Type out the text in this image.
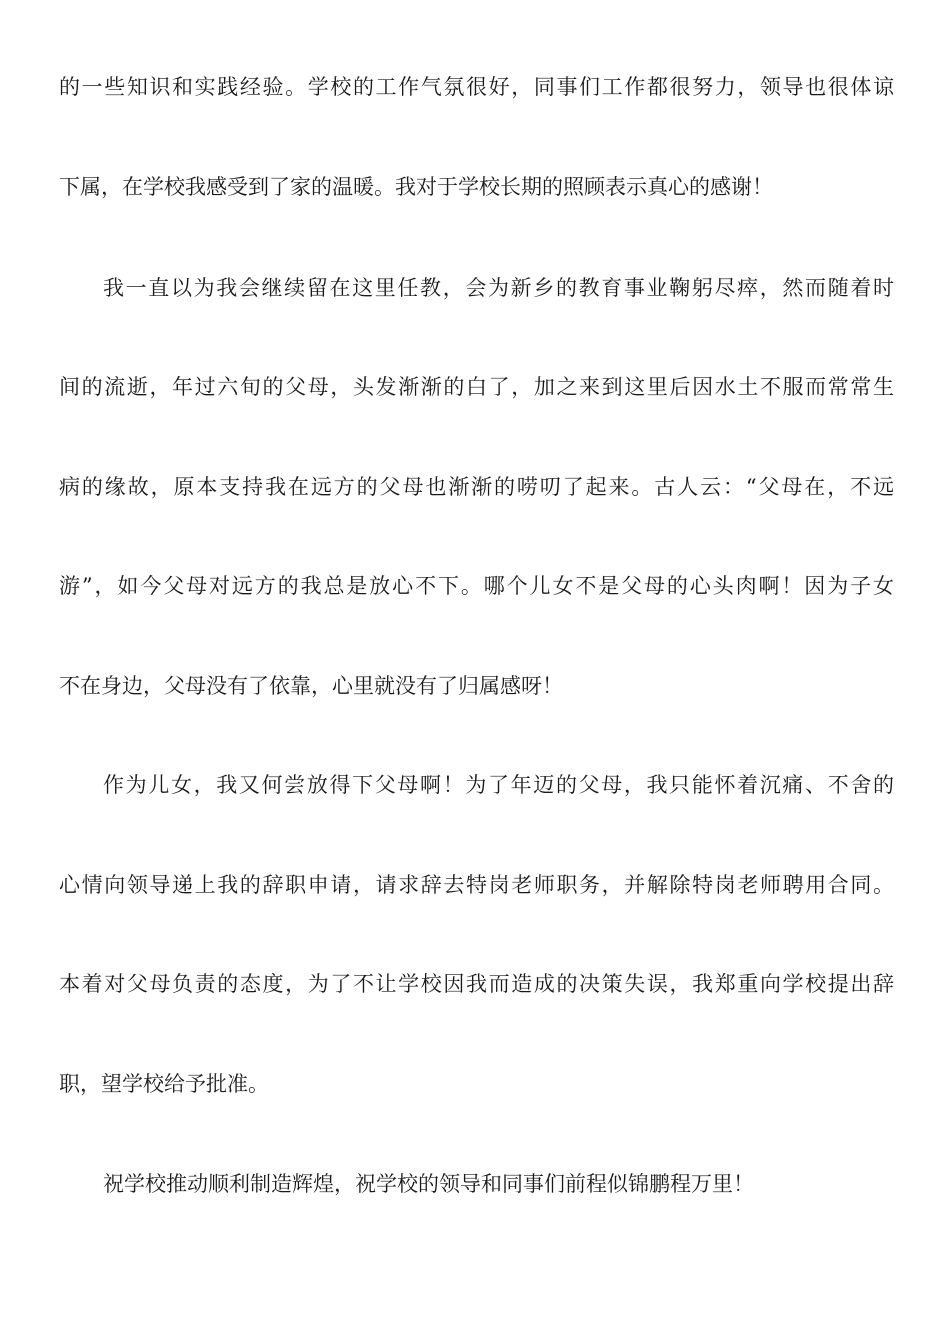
的一些知识和实践经验。学校的工作气氛很好，同事们工作都很努力，领导也很体谅
下属，在学校我感受到了家的温暖。我对于学校长期的照顾表示真心的感谢！
我一直以为我会继续留在这里任教，会为新乡的教育事业鞠躬尽瘁，然而随着时
间的流逝，年过六旬的父母，头发渐渐的白了，加之来到这里后因水土不服而常常生
病的缘故，原本支持我在远方的父母也渐渐的唠叨了起来。古人云：“父母在，不远
游”，如今父母对远方的我总是放心不下。哪个儿女不是父母的心头肉啊！因为子女
不在身边，父母没有了依靠，心里就没有了归属感呀！
作为儿女，我又何尝放得下父母啊！为了年迈的父母，我只能怀着沉痛、不舍的
心情向领导递上我的辞职申请，请求辞去特岗老师职务，并解除特岗老师聘用合同。
本着对父母负责的态度，为了不让学校因我而造成的决策失误，我郑重向学校提出辞
职，望学校给予批准。
祝学校推动顺利制造辉煌，祝学校的领导和同事们前程似锦鹏程万里！
